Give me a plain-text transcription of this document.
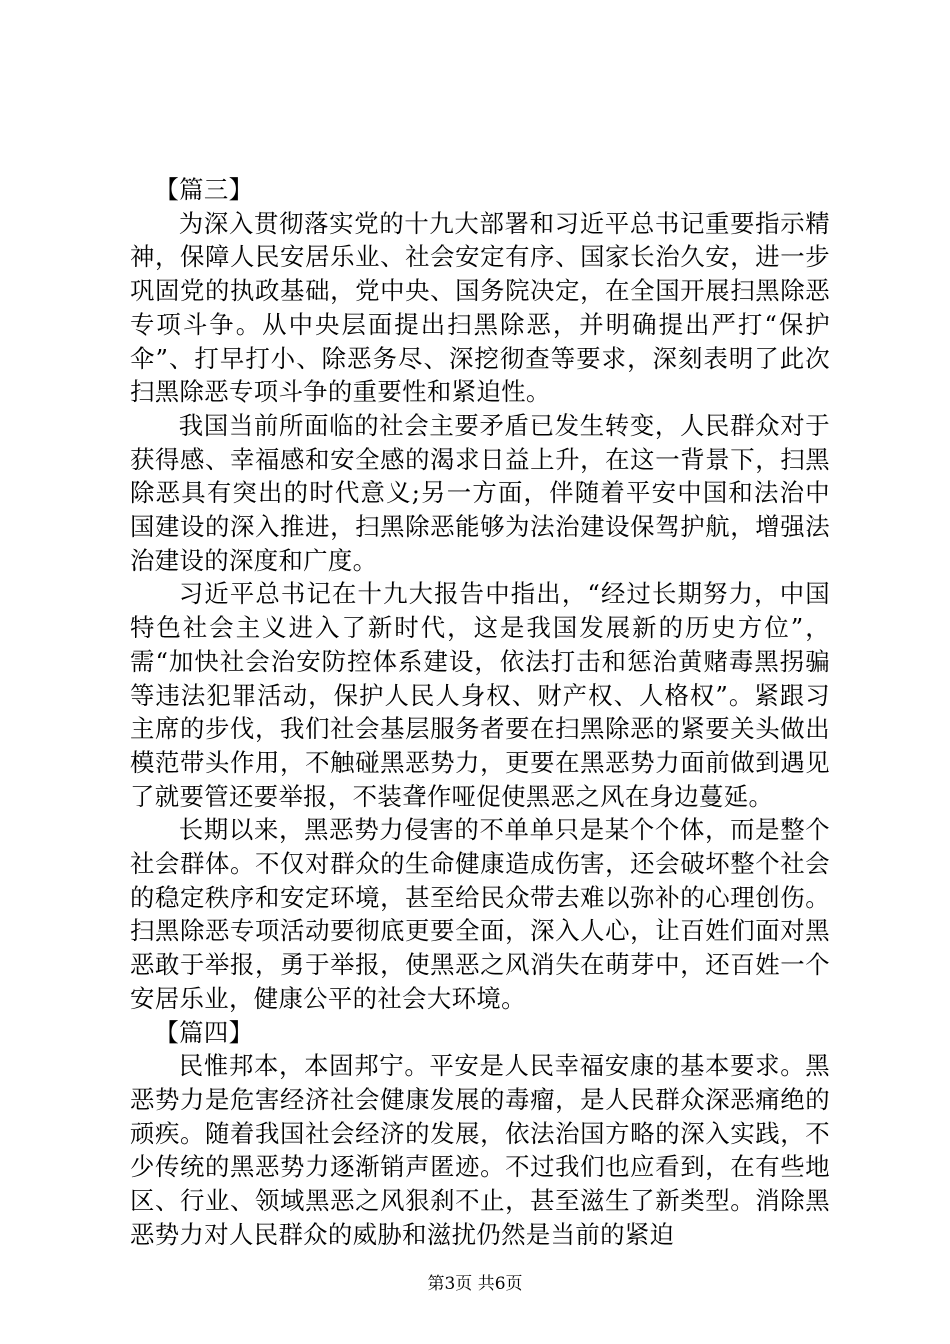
【篇三】

为深入贯彻落实党的十九大部署和习近平总书记重要指示精神，保障人民安居乐业、社会安定有序、国家长治久安，进一步巩固党的执政基础，党中央、国务院决定，在全国开展扫黑除恶专项斗争。从中央层面提出扫黑除恶，并明确提出严打“保护伞”、打早打小、除恶务尽、深挖彻查等要求，深刻表明了此次扫黑除恶专项斗争的重要性和紧迫性。

我国当前所面临的社会主要矛盾已发生转变，人民群众对于获得感、幸福感和安全感的渴求日益上升，在这一背景下，扫黑除恶具有突出的时代意义;另一方面，伴随着平安中国和法治中国建设的深入推进，扫黑除恶能够为法治建设保驾护航，增强法治建设的深度和广度。

习近平总书记在十九大报告中指出，“经过长期努力，中国特色社会主义进入了新时代，这是我国发展新的历史方位”，需“加快社会治安防控体系建设，依法打击和惩治黄赌毒黑拐骗等违法犯罪活动，保护人民人身权、财产权、人格权”。紧跟习主席的步伐，我们社会基层服务者要在扫黑除恶的紧要关头做出模范带头作用，不触碰黑恶势力，更要在黑恶势力面前做到遇见了就要管还要举报，不装聋作哑促使黑恶之风在身边蔓延。

长期以来，黑恶势力侵害的不单单只是某个个体，而是整个社会群体。不仅对群众的生命健康造成伤害，还会破坏整个社会的稳定秩序和安定环境，甚至给民众带去难以弥补的心理创伤。扫黑除恶专项活动要彻底更要全面，深入人心，让百姓们面对黑恶敢于举报，勇于举报，使黑恶之风消失在萌芽中，还百姓一个安居乐业，健康公平的社会大环境。

【篇四】

民惟邦本，本固邦宁。平安是人民幸福安康的基本要求。黑恶势力是危害经济社会健康发展的毒瘤，是人民群众深恶痛绝的顽疾。随着我国社会经济的发展，依法治国方略的深入实践，不少传统的黑恶势力逐渐销声匿迹。不过我们也应看到，在有些地区、行业、领域黑恶之风狠刹不止，甚至滋生了新类型。消除黑恶势力对人民群众的威胁和滋扰仍然是当前的紧迫

第3页 共6页
